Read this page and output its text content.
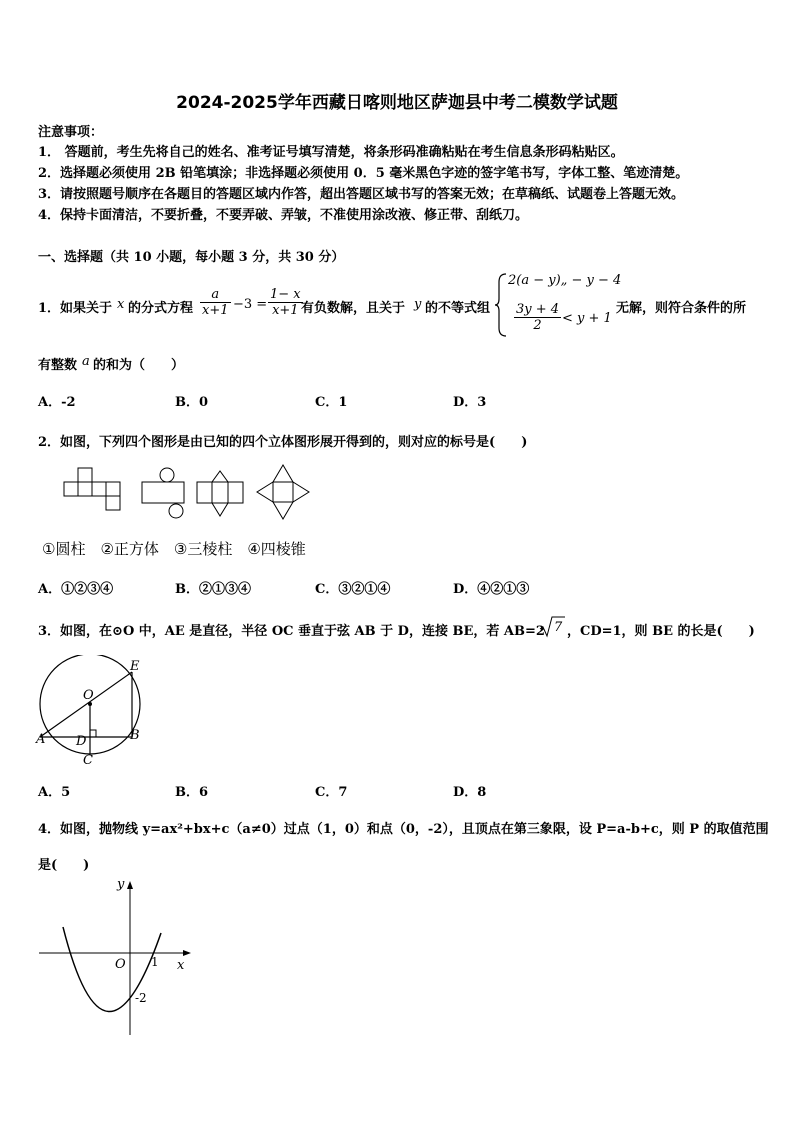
2024-2025学年西藏日喀则地区萨迦县中考二模数学试题
注意事项：
1． 答题前，考生先将自己的姓名、准考证号填写清楚，将条形码准确粘贴在考生信息条形码粘贴区。
2．选择题必须使用 2B 铅笔填涂；非选择题必须使用 0．5 毫米黑色字迹的签字笔书写，字体工整、笔迹清楚。
3．请按照题号顺序在各题目的答题区域内作答，超出答题区域书写的答案无效；在草稿纸、试题卷上答题无效。
4．保持卡面清洁，不要折叠，不要弄破、弄皱，不准使用涂改液、修正带、刮纸刀。
一、选择题（共 10 小题，每小题 3 分，共 30 分）
1．如果关于 x 的分式方程 $\frac{a}{x+1} -3 = \frac{1- x}{x+1}$
有负数解，且关于 y 的不等式组
2(a − y)„ − y − 4
$\frac{3y + 4}{2} < y + 1$
无解，则符合条件的所
有整数 a 的和为（　　）
A．-2	B．0	C．1	D．3
2．如图，下列四个图形是由已知的四个立体图形展开得到的，则对应的标号是(　　)
①圆柱　②正方体　③三棱柱　④四棱锥
A．①②③④	B．②①③④	C．③②①④	D．④②①③
3．如图，在⊙O 中，AE 是直径，半径 OC 垂直于弦 AB 于 D，连接 BE，若 AB=2 7 ，CD=1，则 BE 的长是(　　)
O
E
A D	B
C
A．5	B．6	C．7	D．8
4．如图，抛物线 y=ax²+bx+c（a≠0）过点（1，0）和点（0，-2），且顶点在第三象限，设 P=a-b+c，则 P 的取值范围
是(　　)
y
x
O 1
-2
